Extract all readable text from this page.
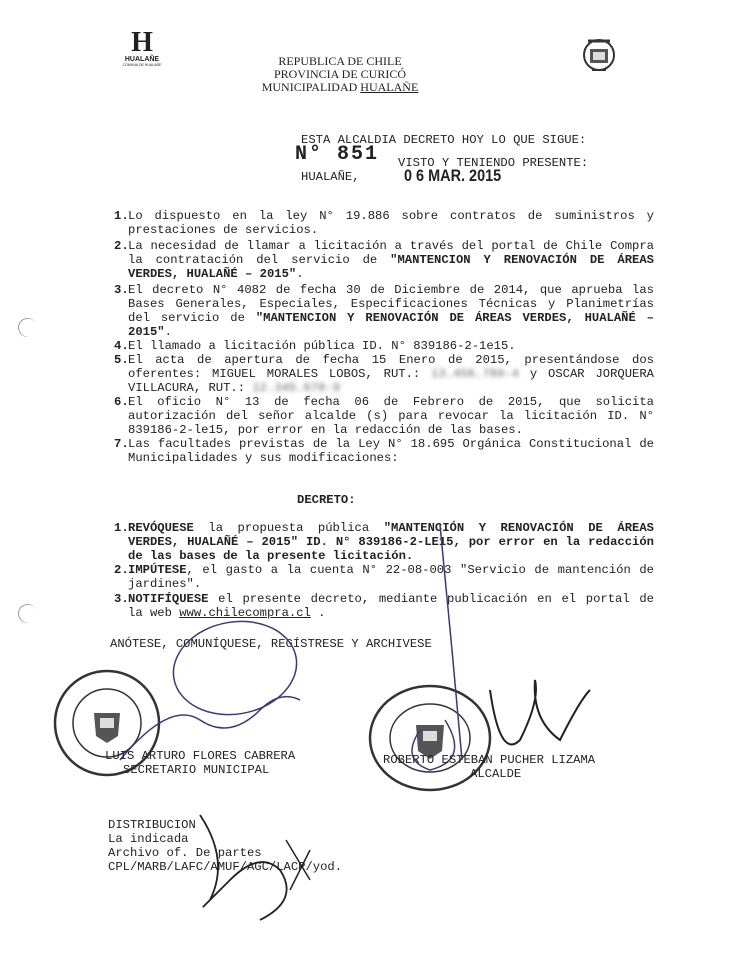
H
HUALAÑE
COMUNA DE HUALAÑE	REPUBLICA DE CHILE
PROVINCIA DE CURICÓ
MUNICIPALIDAD HUALAÑE
ESTA ALCALDIA DECRETO HOY LO QUE SIGUE:
N° 851 VISTO Y TENIENDO PRESENTE:
HUALAÑE,	0 6 MAR. 2015
1. Lo dispuesto en la ley N° 19.886 sobre contratos de suministros y prestaciones de servicios.
2. La necesidad de llamar a licitación a través del portal de Chile Compra la contratación del servicio de "MANTENCION Y RENOVACIÓN DE ÁREAS VERDES, HUALAÑÉ – 2015".
3. El decreto N° 4082 de fecha 30 de Diciembre de 2014, que aprueba las Bases Generales, Especiales, Especificaciones Técnicas y Planimetrías del servicio de "MANTENCION Y RENOVACIÓN DE ÁREAS VERDES, HUALAÑÉ – 2015".
4. El llamado a licitación pública ID. N° 839186-2-1e15.
5. El acta de apertura de fecha 15 Enero de 2015, presentándose dos oferentes: MIGUEL MORALES LOBOS, RUT.: 13.456.789-4 y OSCAR JORQUERA VILLACURA, RUT.: 12.345.678-9
6. El oficio N° 13 de fecha 06 de Febrero de 2015, que solicita autorización del señor alcalde (s) para revocar la licitación ID. N° 839186-2-le15, por error en la redacción de las bases.
7. Las facultades previstas de la Ley N° 18.695 Orgánica Constitucional de Municipalidades y sus modificaciones:
DECRETO:
1. REVÓQUESE la propuesta pública "MANTENCIÓN Y RENOVACIÓN DE ÁREAS VERDES, HUALAÑÉ – 2015" ID. N° 839186-2-LE15, por error en la redacción de las bases de la presente licitación.
2. IMPÚTESE, el gasto a la cuenta N° 22-08-003 "Servicio de mantención de jardines".
3. NOTIFÍQUESE el presente decreto, mediante publicación en el portal de la web www.chilecompra.cl .
ANÓTESE, COMUNÍQUESE, REGÍSTRESE Y ARCHIVESE
LUIS ARTURO FLORES CABRERA
SECRETARIO MUNICIPAL
ROBERTO ESTEBAN PUCHER LIZAMA
ALCALDE
DISTRIBUCION
La indicada
Archivo of. De partes
CPL/MARB/LAFC/AMUF/AGC/LACP/yod.
